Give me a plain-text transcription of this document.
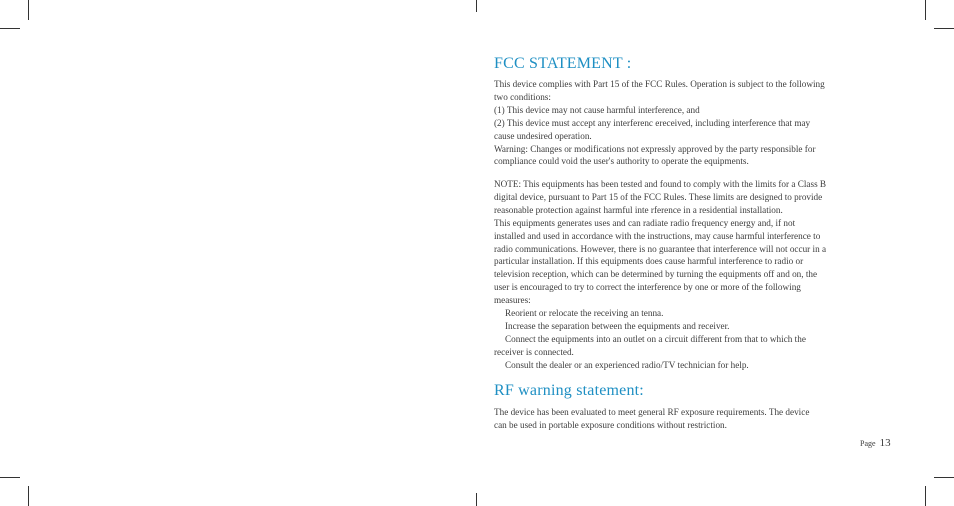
FCC STATEMENT :
This device complies with Part 15 of the FCC Rules. Operation is subject to the following
two conditions:
(1) This device may not cause harmful interference, and
(2) This device must accept any interferenc ereceived, including interference that may
cause undesired operation.
Warning: Changes or modifications not expressly approved by the party responsible for
compliance could void the user's authority to operate the equipments.
NOTE: This equipments has been tested and found to comply with the limits for a Class B
digital device, pursuant to Part 15 of the FCC Rules. These limits are designed to provide
reasonable protection against harmful inte rference in a residential installation.
This equipments generates uses and can radiate radio frequency energy and, if not
installed and used in accordance with the instructions, may cause harmful interference to
radio communications. However, there is no guarantee that interference will not occur in a
particular installation. If this equipments does cause harmful interference to radio or
television reception, which can be determined by turning the equipments off and on, the
user is encouraged to try to correct the interference by one or more of the following
measures:
Reorient or relocate the receiving an tenna.
Increase the separation between the equipments and receiver.
Connect the equipments into an outlet on a circuit different from that to which the
receiver is connected.
Consult the dealer or an experienced radio/TV technician for help.
RF warning statement:
The device has been evaluated to meet general RF exposure requirements. The device
can be used in portable exposure conditions without restriction.
Page 13
